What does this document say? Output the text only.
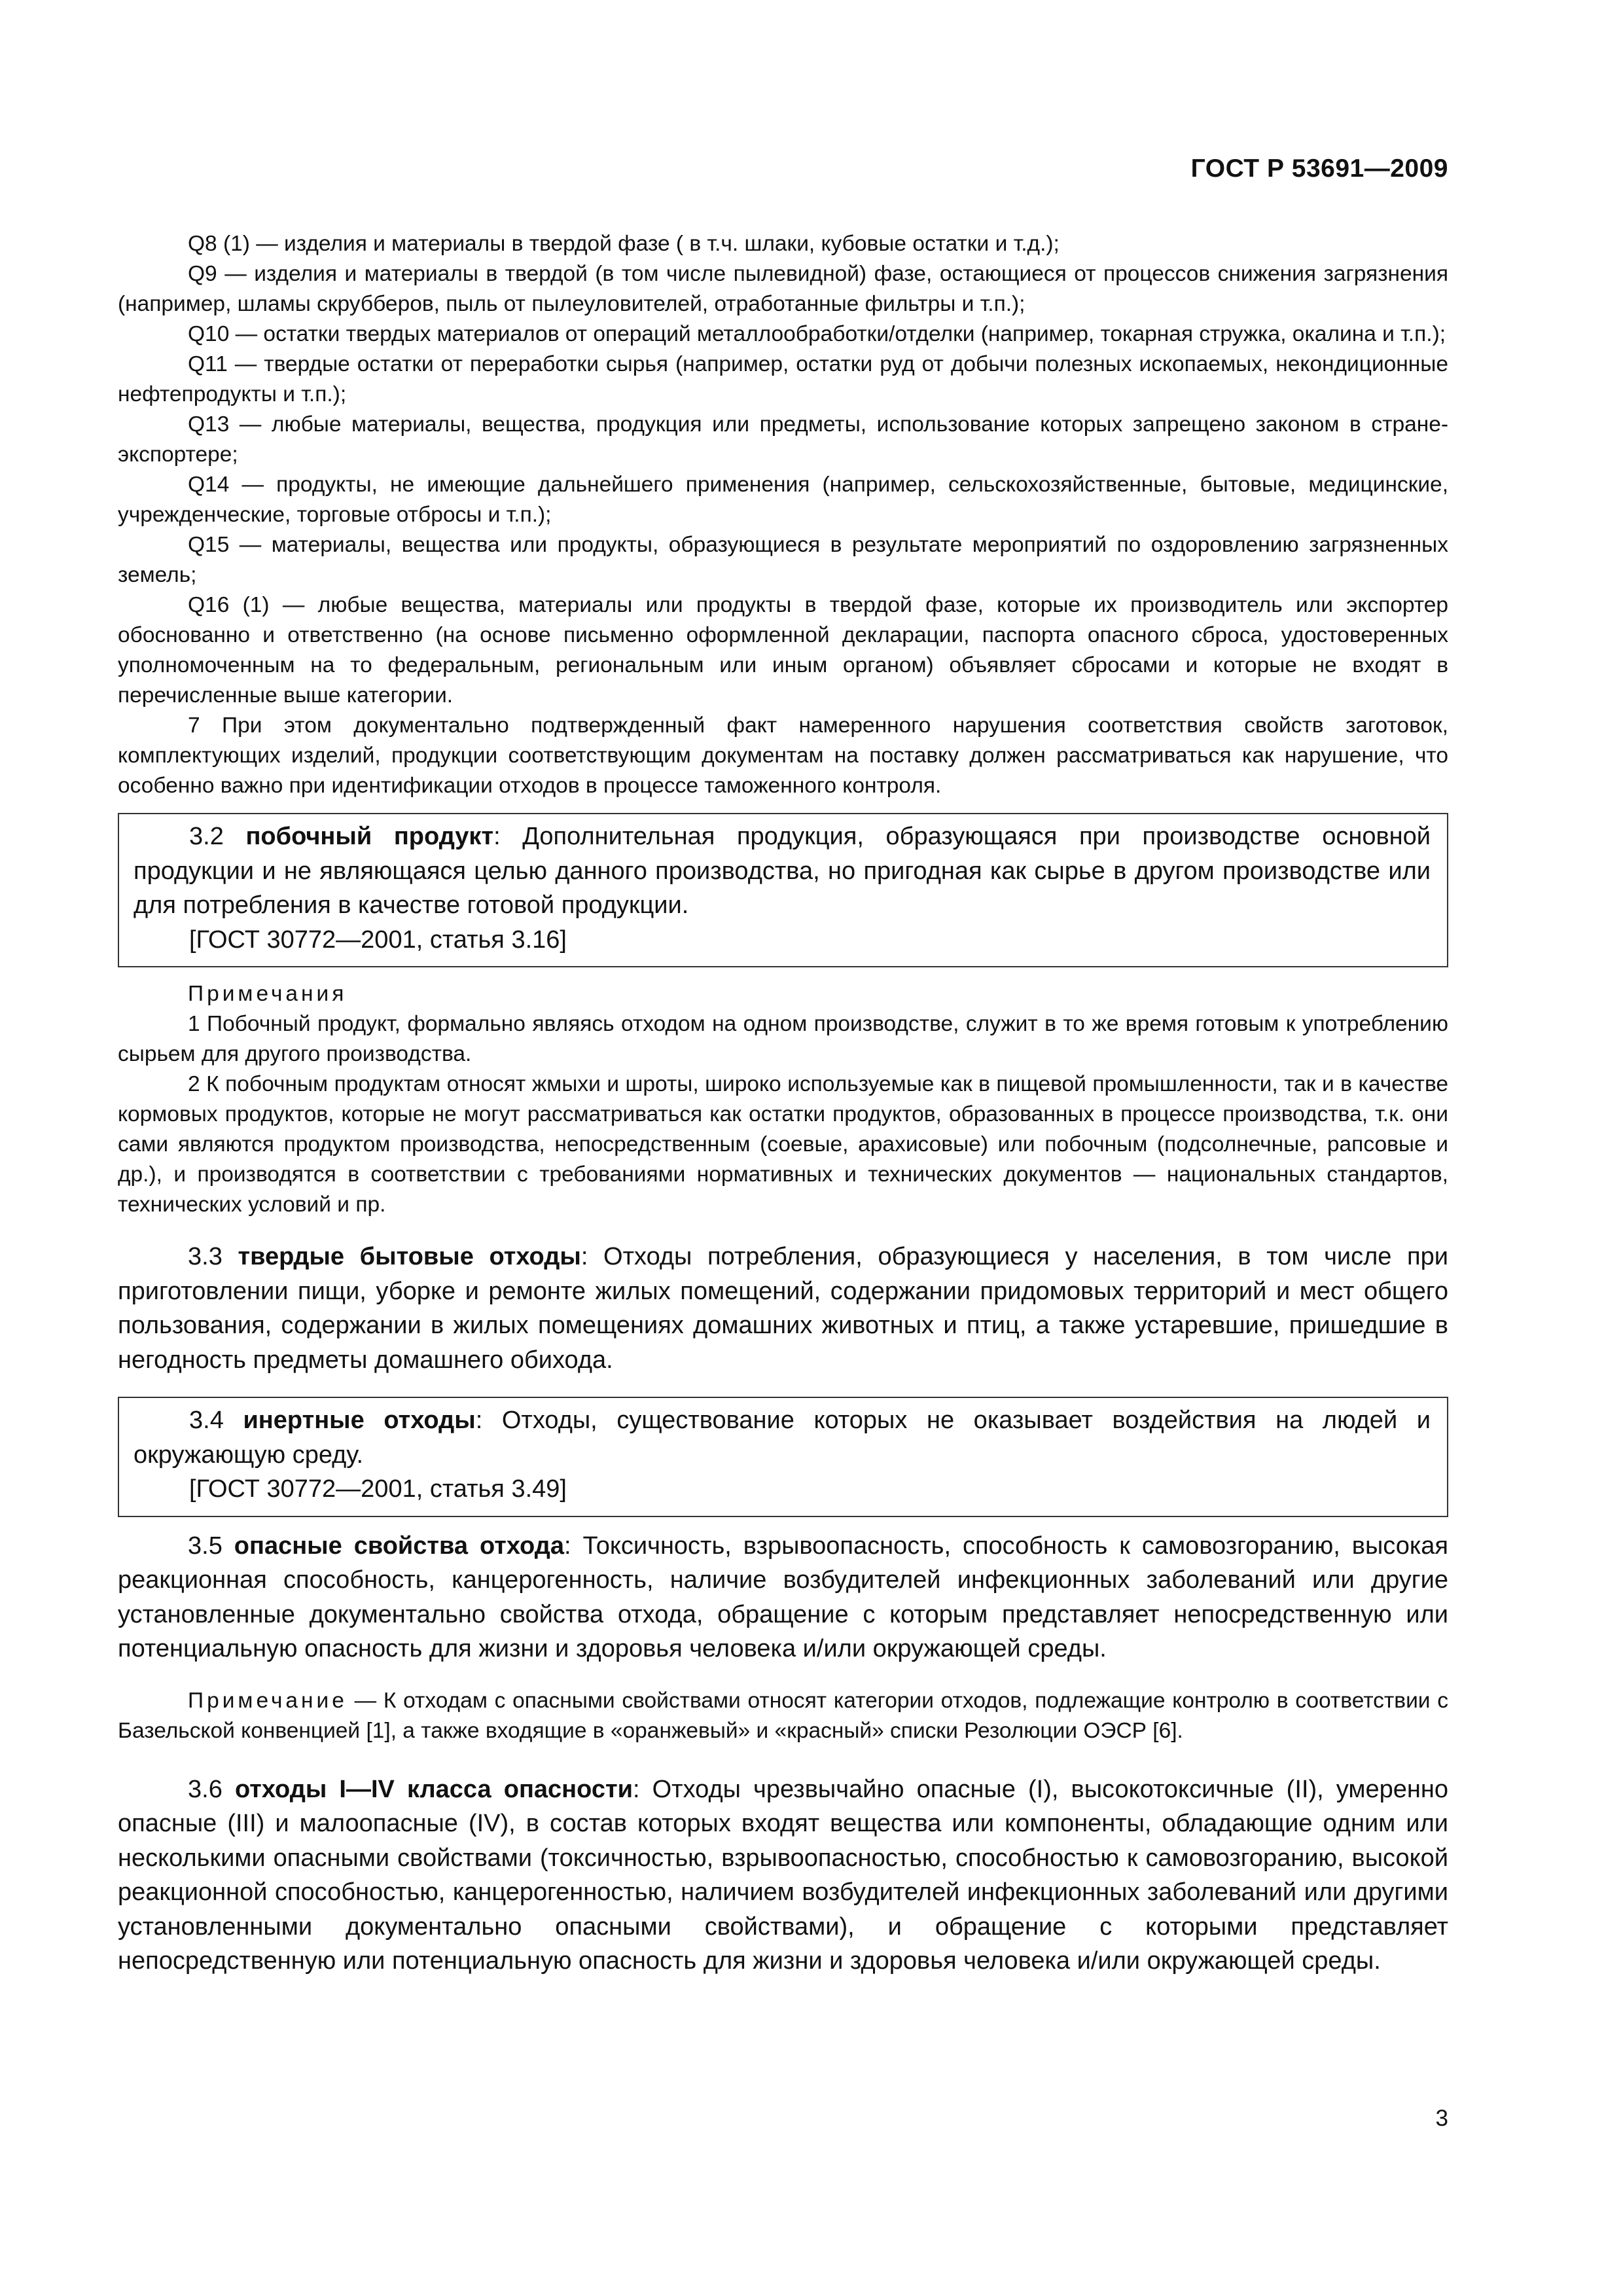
ГОСТ Р 53691—2009

Q8 (1) — изделия и материалы в твердой фазе ( в т.ч. шлаки, кубовые остатки и т.д.);

Q9 — изделия и материалы в твердой (в том числе пылевидной) фазе, остающиеся от процессов снижения загрязнения (например, шламы скрубберов, пыль от пылеуловителей, отработанные фильтры и т.п.);

Q10 — остатки твердых материалов от операций металлообработки/отделки (например, токарная стружка, окалина и т.п.);

Q11 — твердые остатки от переработки сырья (например, остатки руд от добычи полезных ископаемых, некондиционные нефтепродукты и т.п.);

Q13 — любые материалы, вещества, продукция или предметы, использование которых запрещено законом в стране-экспортере;

Q14 — продукты, не имеющие дальнейшего применения (например, сельскохозяйственные, бытовые, медицинские, учрежденческие, торговые отбросы и т.п.);

Q15 — материалы, вещества или продукты, образующиеся в результате мероприятий по оздоровлению загрязненных земель;

Q16 (1) — любые вещества, материалы или продукты в твердой фазе, которые их производитель или экспортер обоснованно и ответственно (на основе письменно оформленной декларации, паспорта опасного сброса, удостоверенных уполномоченным на то федеральным, региональным или иным органом) объявляет сбросами и которые не входят в перечисленные выше категории.

7 При этом документально подтвержденный факт намеренного нарушения соответствия свойств заготовок, комплектующих изделий, продукции соответствующим документам на поставку должен рассматриваться как нарушение, что особенно важно при идентификации отходов в процессе таможенного контроля.

3.2 побочный продукт: Дополнительная продукция, образующаяся при производстве основной продукции и не являющаяся целью данного производства, но пригодная как сырье в другом производстве или для потребления в качестве готовой продукции.

[ГОСТ 30772—2001, статья 3.16]

Примечания

1 Побочный продукт, формально являясь отходом на одном производстве, служит в то же время готовым к употреблению сырьем для другого производства.

2 К побочным продуктам относят жмыхи и шроты, широко используемые как в пищевой промышленности, так и в качестве кормовых продуктов, которые не могут рассматриваться как остатки продуктов, образованных в процессе производства, т.к. они сами являются продуктом производства, непосредственным (соевые, арахисовые) или побочным (подсолнечные, рапсовые и др.), и производятся в соответствии с требованиями нормативных и технических документов — национальных стандартов, технических условий и пр.

3.3 твердые бытовые отходы: Отходы потребления, образующиеся у населения, в том числе при приготовлении пищи, уборке и ремонте жилых помещений, содержании придомовых территорий и мест общего пользования, содержании в жилых помещениях домашних животных и птиц, а также устаревшие, пришедшие в негодность предметы домашнего обихода.

3.4 инертные отходы: Отходы, существование которых не оказывает воздействия на людей и окружающую среду.

[ГОСТ 30772—2001, статья 3.49]

3.5 опасные свойства отхода: Токсичность, взрывоопасность, способность к самовозгоранию, высокая реакционная способность, канцерогенность, наличие возбудителей инфекционных заболеваний или другие установленные документально свойства отхода, обращение с которым представляет непосредственную или потенциальную опасность для жизни и здоровья человека и/или окружающей среды.

Примечание — К отходам с опасными свойствами относят категории отходов, подлежащие контролю в соответствии с Базельской конвенцией [1], а также входящие в «оранжевый» и «красный» списки Резолюции ОЭСР [6].

3.6 отходы I—IV класса опасности: Отходы чрезвычайно опасные (I), высокотоксичные (II), умеренно опасные (III) и малоопасные (IV), в состав которых входят вещества или компоненты, обладающие одним или несколькими опасными свойствами (токсичностью, взрывоопасностью, способностью к самовозгоранию, высокой реакционной способностью, канцерогенностью, наличием возбудителей инфекционных заболеваний или другими установленными документально опасными свойствами), и обращение с которыми представляет непосредственную или потенциальную опасность для жизни и здоровья человека и/или окружающей среды.

3
